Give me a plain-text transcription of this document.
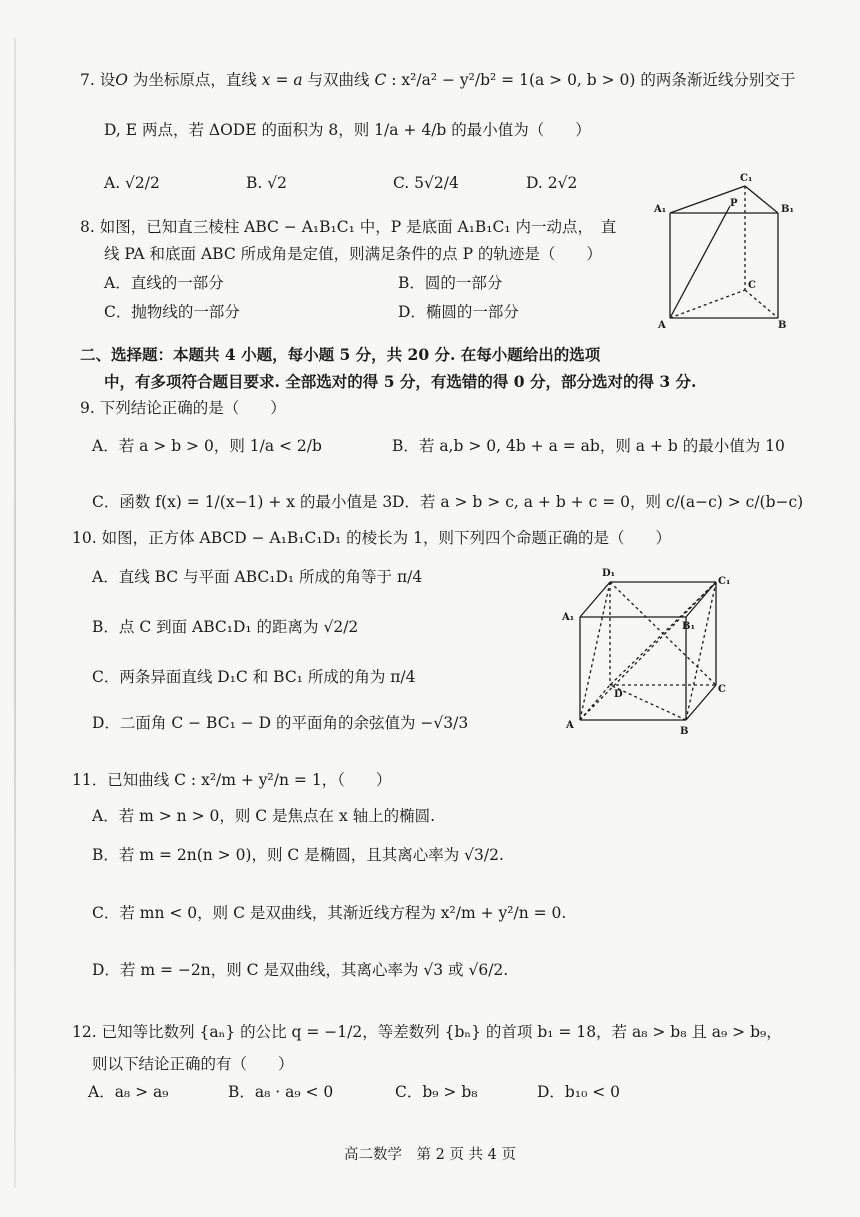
7. 设O 为坐标原点，直线 x = a 与双曲线 C : x²/a² − y²/b² = 1(a > 0, b > 0) 的两条渐近线分别交于
D, E 两点，若 ΔODE 的面积为 8，则 1/a + 4/b 的最小值为（　　）
A. √2/2	B. √2	C. 5√2/4	D. 2√2
8. 如图，已知直三棱柱 ABC − A₁B₁C₁ 中，P 是底面 A₁B₁C₁ 内一动点，　直
线 PA 和底面 ABC 所成角是定值，则满足条件的点 P 的轨迹是（　　）
A．直线的一部分	B．圆的一部分
C．抛物线的一部分	D．椭圆的一部分
C₁
A₁	B₁
P
C
A	B
二、选择题：本题共 4 小题，每小题 5 分，共 20 分. 在每小题给出的选项
中，有多项符合题目要求. 全部选对的得 5 分，有选错的得 0 分，部分选对的得 3 分.
9. 下列结论正确的是（　　）
A．若 a > b > 0，则 1/a < 2/b	B．若 a,b > 0, 4b + a = ab，则 a + b 的最小值为 10
C．函数 f(x) = 1/(x−1) + x 的最小值是 3 D．若 a > b > c, a + b + c = 0，则 c/(a−c) > c/(b−c)
10. 如图，正方体 ABCD − A₁B₁C₁D₁ 的棱长为 1，则下列四个命题正确的是（　　）
A．直线 BC 与平面 ABC₁D₁ 所成的角等于 π/4
B．点 C 到面 ABC₁D₁ 的距离为 √2/2
C．两条异面直线 D₁C 和 BC₁ 所成的角为 π/4
D．二面角 C − BC₁ − D 的平面角的余弦值为 −√3/3
D₁
C₁
A₁
B₁
D	C
A
B
11．已知曲线 C : x²/m + y²/n = 1，（　　）
A．若 m > n > 0，则 C 是焦点在 x 轴上的椭圆.
B．若 m = 2n(n > 0)，则 C 是椭圆，且其离心率为 √3/2.
C．若 mn < 0，则 C 是双曲线，其渐近线方程为 x²/m + y²/n = 0.
D．若 m = −2n，则 C 是双曲线，其离心率为 √3 或 √6/2.
12. 已知等比数列 {aₙ} 的公比 q = −1/2，等差数列 {bₙ} 的首项 b₁ = 18，若 a₈ > b₈ 且 a₉ > b₉，
则以下结论正确的有（　　）
A．a₈ > a₉	B．a₈ · a₉ < 0	C．b₉ > b₈	D．b₁₀ < 0
高二数学　第 2 页 共 4 页
